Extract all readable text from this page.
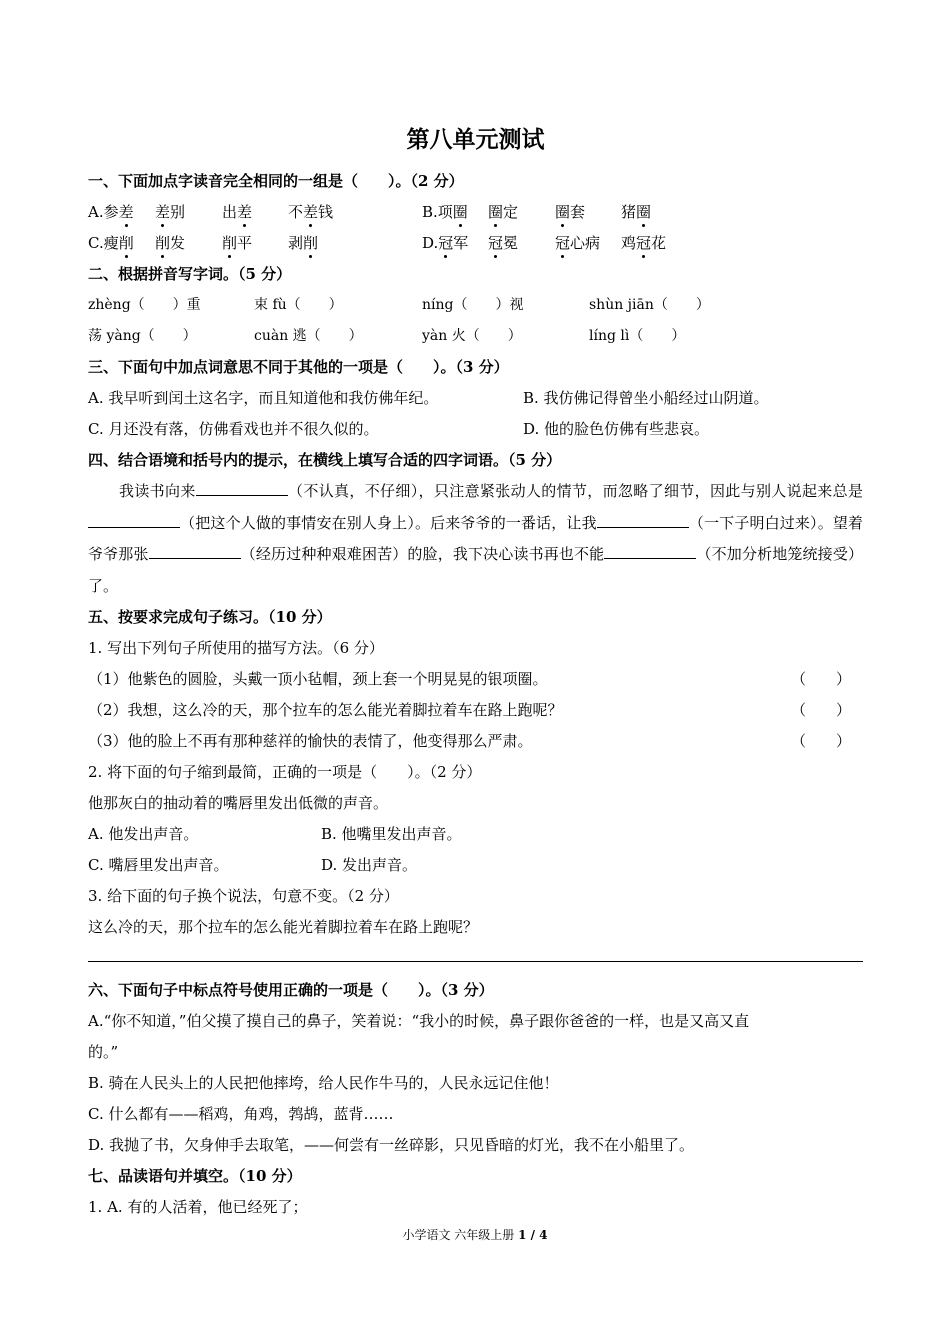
第八单元测试
一、下面加点字读音完全相同的一组是（　　）。（2 分）
A.参差 差别 出差 不差钱	B.项圈 圈定 圈套 猪圈
C.瘦削 削发 削平 剥削	D.冠军 冠冕 冠心病 鸡冠花
二、根据拼音写字词。（5 分）
zhèng（　　）重	束 fù（　　）	níng（　　）视	shùn jiān（　　）
荡 yàng（　　）	cuàn 逃（　　）	yàn 火（　　）	líng lì（　　）
三、下面句中加点词意思不同于其他的一项是（　　）。（3 分）
A. 我早听到闰土这名字，而且知道他和我仿佛年纪。	B. 我仿佛记得曾坐小船经过山阴道。
C. 月还没有落，仿佛看戏也并不很久似的。	D. 他的脸色仿佛有些悲哀。
四、结合语境和括号内的提示，在横线上填写合适的四字词语。（5 分）
我读书向来	（不认真，不仔细），只注意紧张动人的情节，而忽略了细节，因此与别人说起来总是（把这个人做的事情安在别人身上）。后来爷爷的一番话，让我	（一下子明白过来）。望着爷爷那张	（经历过种种艰难困苦）的脸，我下决心读书再也不能	（不加分析地笼统接受）了。
五、按要求完成句子练习。（10 分）
1. 写出下列句子所使用的描写方法。（6 分）
（1）他紫色的圆脸，头戴一顶小毡帽，颈上套一个明晃晃的银项圈。	（　　）
（2）我想，这么冷的天，那个拉车的怎么能光着脚拉着车在路上跑呢？	（　　）
（3）他的脸上不再有那种慈祥的愉快的表情了，他变得那么严肃。	（　　）
2. 将下面的句子缩到最简，正确的一项是（　　）。（2 分）
他那灰白的抽动着的嘴唇里发出低微的声音。
A. 他发出声音。	B. 他嘴里发出声音。
C. 嘴唇里发出声音。	D. 发出声音。
3. 给下面的句子换个说法，句意不变。（2 分）
这么冷的天，那个拉车的怎么能光着脚拉着车在路上跑呢？
六、下面句子中标点符号使用正确的一项是（　　）。（3 分）
A.“你不知道，”伯父摸了摸自己的鼻子，笑着说：“我小的时候，鼻子跟你爸爸的一样，也是又高又直
的。”
B. 骑在人民头上的人民把他摔垮，给人民作牛马的，人民永远记住他！
C. 什么都有——稻鸡，角鸡，鹁鸪，蓝背……
D. 我抛了书，欠身伸手去取笔，——何尝有一丝碎影，只见昏暗的灯光，我不在小船里了。
七、品读语句并填空。（10 分）
1. A. 有的人活着，他已经死了；
小学语文 六年级上册 1 / 4
